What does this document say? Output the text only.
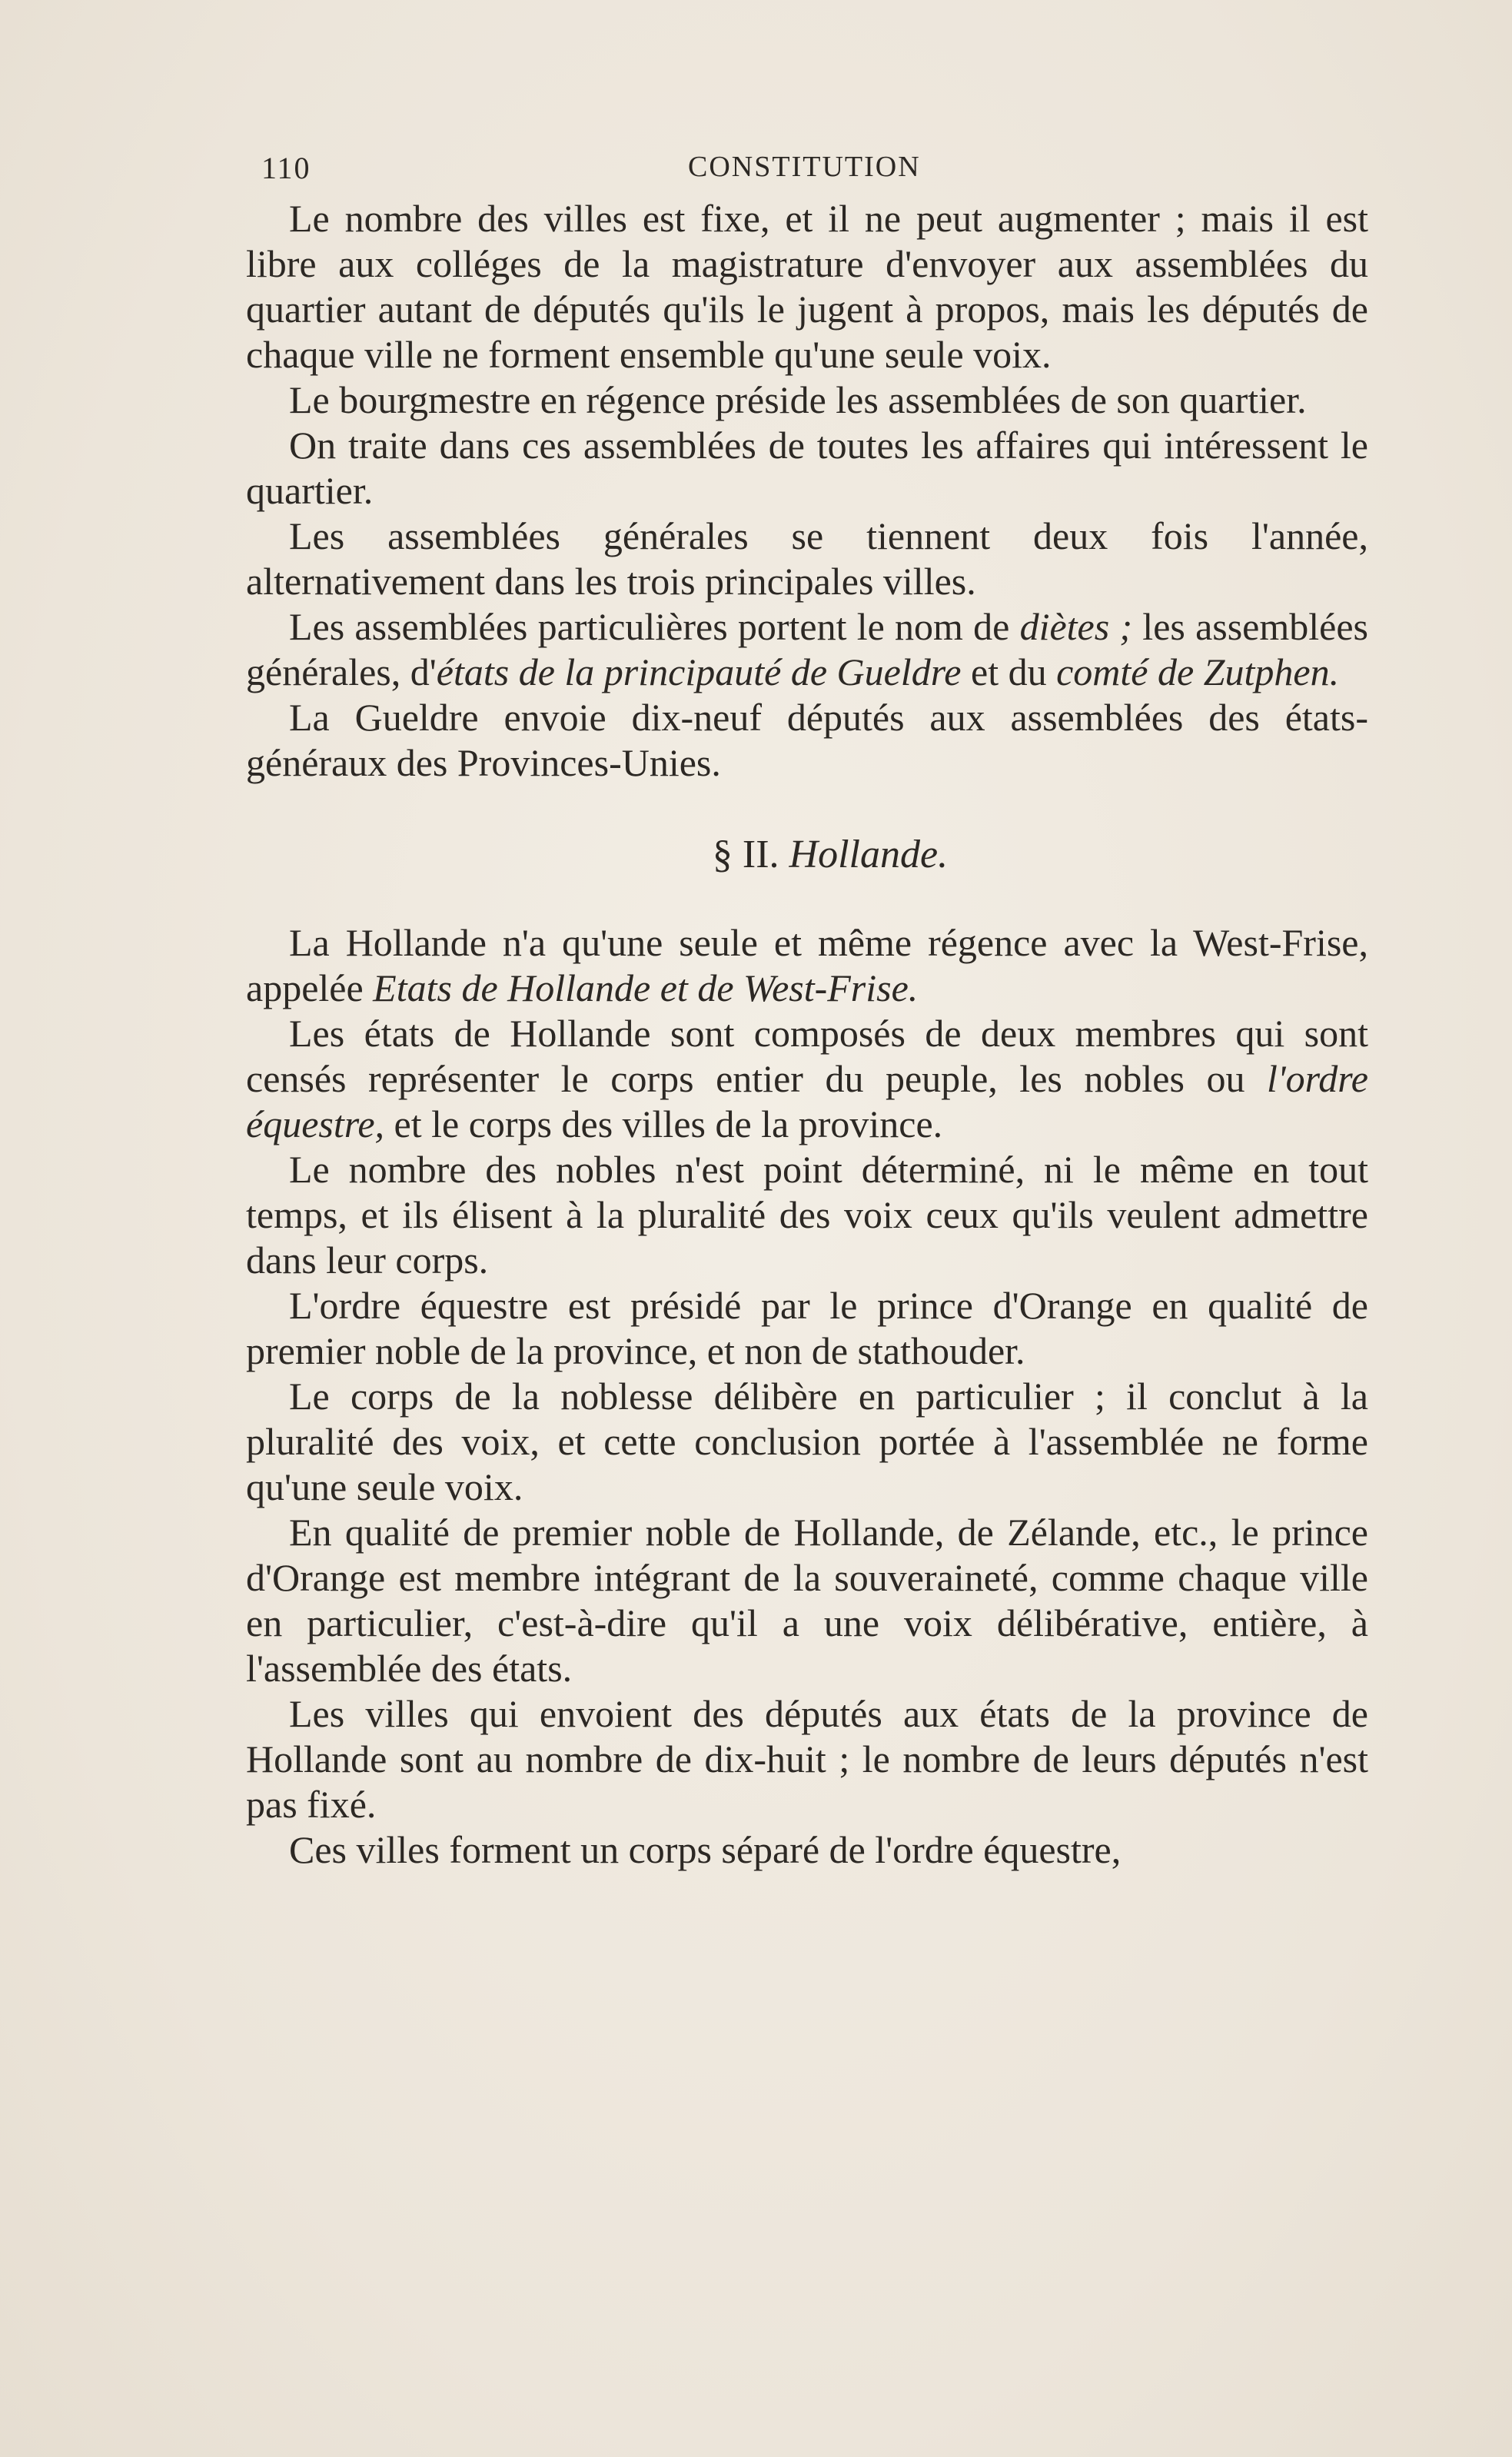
110	CONSTITUTION

Le nombre des villes est fixe, et il ne peut augmenter ; mais il est libre aux colléges de la magistrature d'envoyer aux assemblées du quartier autant de députés qu'ils le jugent à propos, mais les députés de chaque ville ne forment ensemble qu'une seule voix.

Le bourgmestre en régence préside les assemblées de son quartier.

On traite dans ces assemblées de toutes les affaires qui intéressent le quartier.

Les assemblées générales se tiennent deux fois l'année, alternativement dans les trois principales villes.

Les assemblées particulières portent le nom de diètes ; les assemblées générales, d'états de la principauté de Gueldre et du comté de Zutphen.

La Gueldre envoie dix-neuf députés aux assemblées des états-généraux des Provinces-Unies.

§ II. Hollande.

La Hollande n'a qu'une seule et même régence avec la West-Frise, appelée Etats de Hollande et de West-Frise.

Les états de Hollande sont composés de deux membres qui sont censés représenter le corps entier du peuple, les nobles ou l'ordre équestre, et le corps des villes de la province.

Le nombre des nobles n'est point déterminé, ni le même en tout temps, et ils élisent à la pluralité des voix ceux qu'ils veulent admettre dans leur corps.

L'ordre équestre est présidé par le prince d'Orange en qualité de premier noble de la province, et non de stathouder.

Le corps de la noblesse délibère en particulier ; il conclut à la pluralité des voix, et cette conclusion portée à l'assemblée ne forme qu'une seule voix.

En qualité de premier noble de Hollande, de Zélande, etc., le prince d'Orange est membre intégrant de la souveraineté, comme chaque ville en particulier, c'est-à-dire qu'il a une voix délibérative, entière, à l'assemblée des états.

Les villes qui envoient des députés aux états de la province de Hollande sont au nombre de dix-huit ; le nombre de leurs députés n'est pas fixé.

Ces villes forment un corps séparé de l'ordre équestre,
